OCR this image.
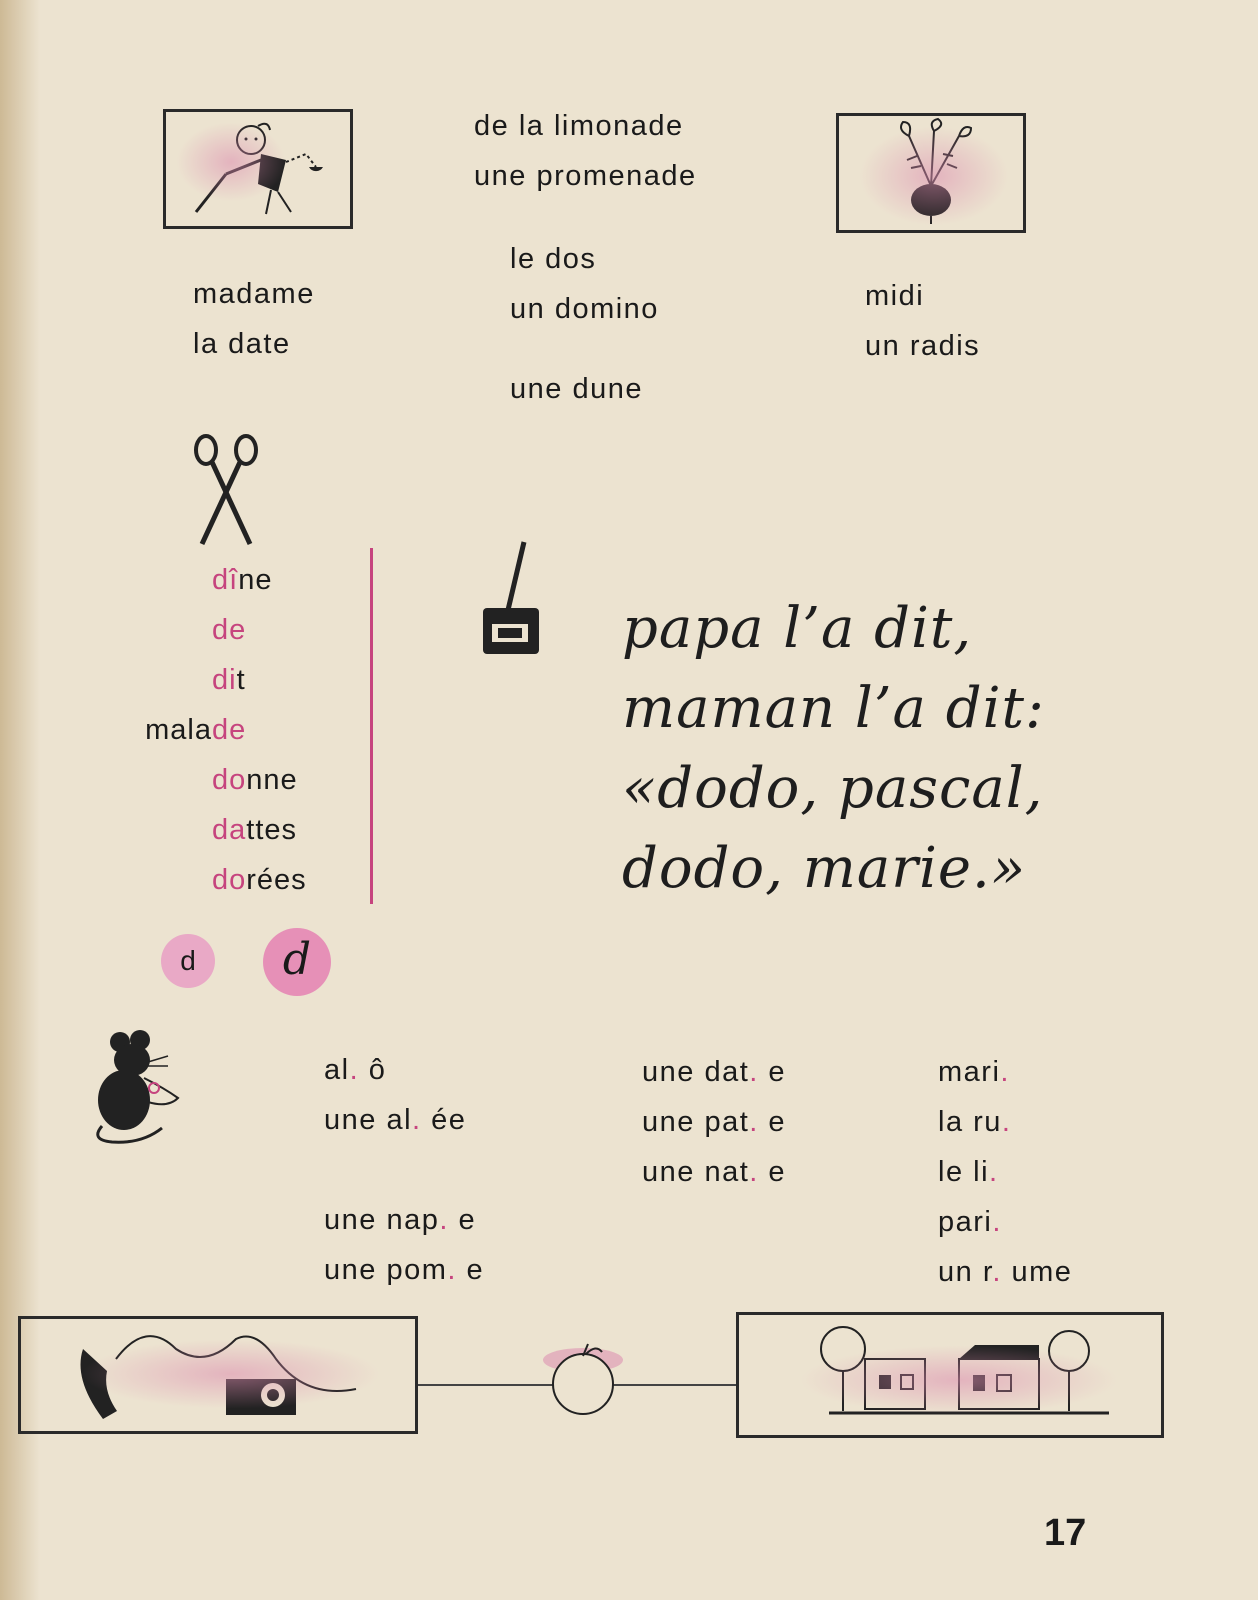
de la limonade
une promenade
le dos
un domino
une dune
madame
la date
midi
un radis
dîne
de
dit
malade
donne
dattes
dorées
d	d
papa l’a dit,
maman l’a dit:
«dodo, pascal,
dodo, marie.»
al. ô
une al. ée
une nap. e
une pom. e
une dat. e
une pat. e
une nat. e
mari.
la ru.
le li.
pari.
un r. ume
17
